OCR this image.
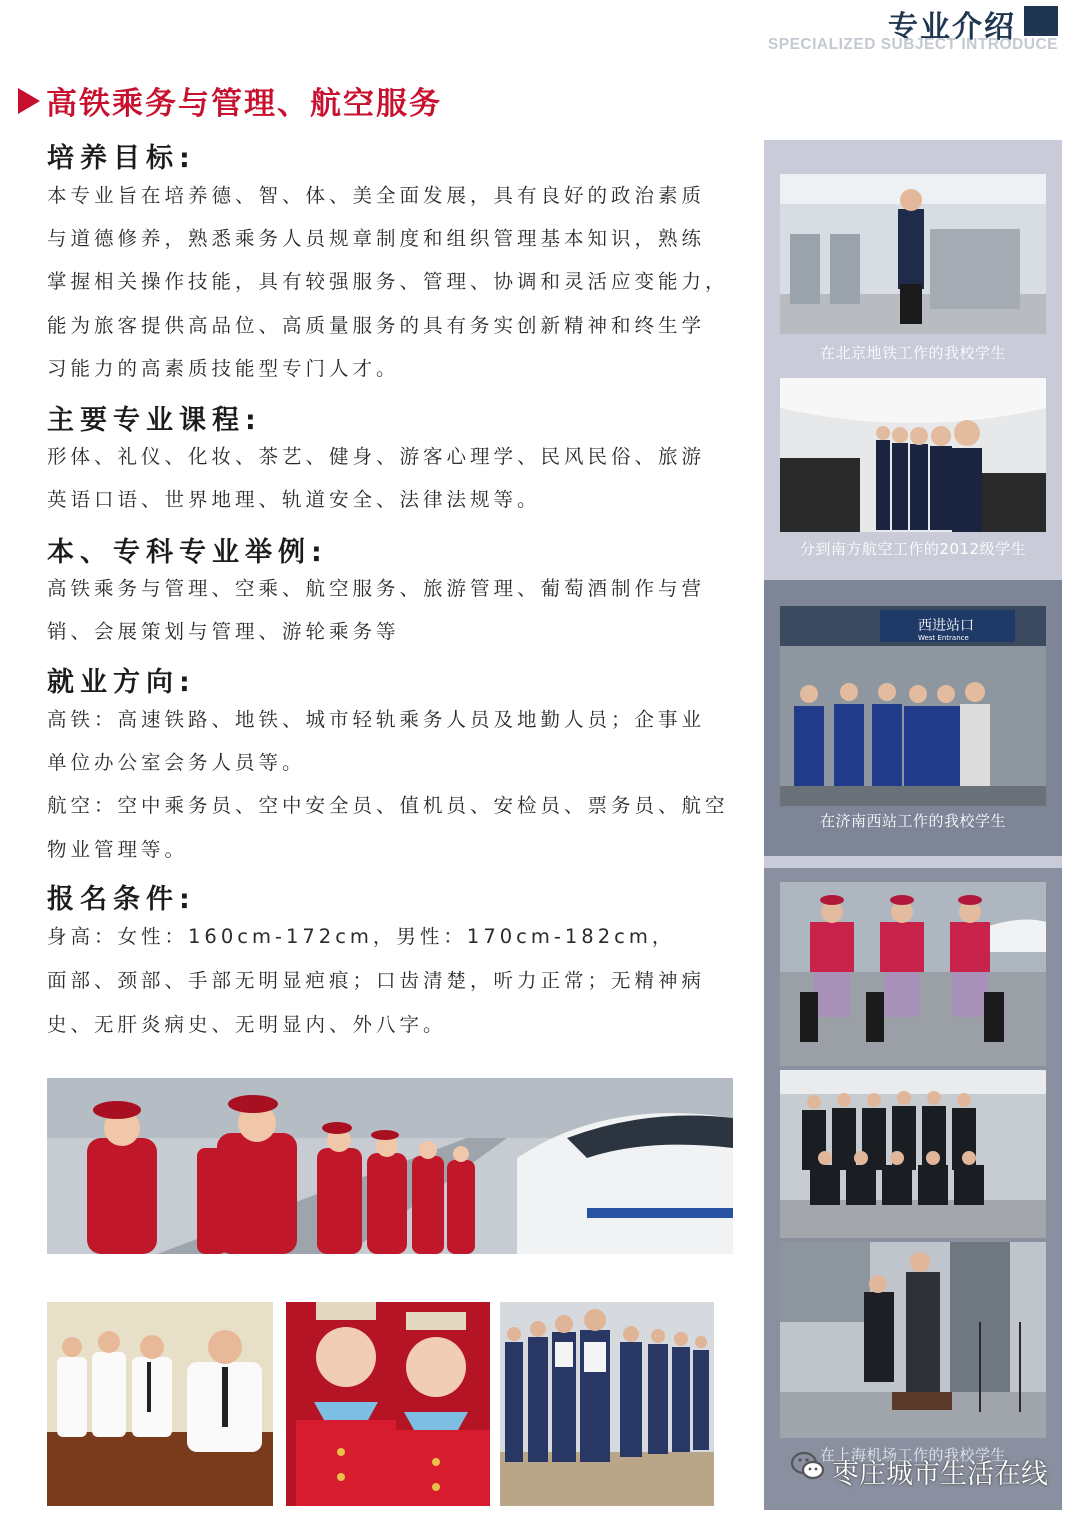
专业介绍
SPECIALIZED SUBJECT INTRODUCE
高铁乘务与管理、航空服务
培养目标:
本专业旨在培养德、智、体、美全面发展，具有良好的政治素质
与道德修养，熟悉乘务人员规章制度和组织管理基本知识，熟练
掌握相关操作技能，具有较强服务、管理、协调和灵活应变能力，
能为旅客提供高品位、高质量服务的具有务实创新精神和终生学
习能力的高素质技能型专门人才。
主要专业课程:
形体、礼仪、化妆、茶艺、健身、游客心理学、民风民俗、旅游
英语口语、世界地理、轨道安全、法律法规等。
本、专科专业举例:
高铁乘务与管理、空乘、航空服务、旅游管理、葡萄酒制作与营
销、会展策划与管理、游轮乘务等
就业方向:
高铁：高速铁路、地铁、城市轻轨乘务人员及地勤人员；企事业
单位办公室会务人员等。
航空：空中乘务员、空中安全员、值机员、安检员、票务员、航空
物业管理等。
报名条件:
身高：女性：160cm-172cm，男性：170cm-182cm，
面部、颈部、手部无明显疤痕；口齿清楚，听力正常；无精神病
史、无肝炎病史、无明显内、外八字。
在北京地铁工作的我校学生
分到南方航空工作的2012级学生
西进站口
West Entrance
在济南西站工作的我校学生
在上海机场工作的我校学生
枣庄城市生活在线
